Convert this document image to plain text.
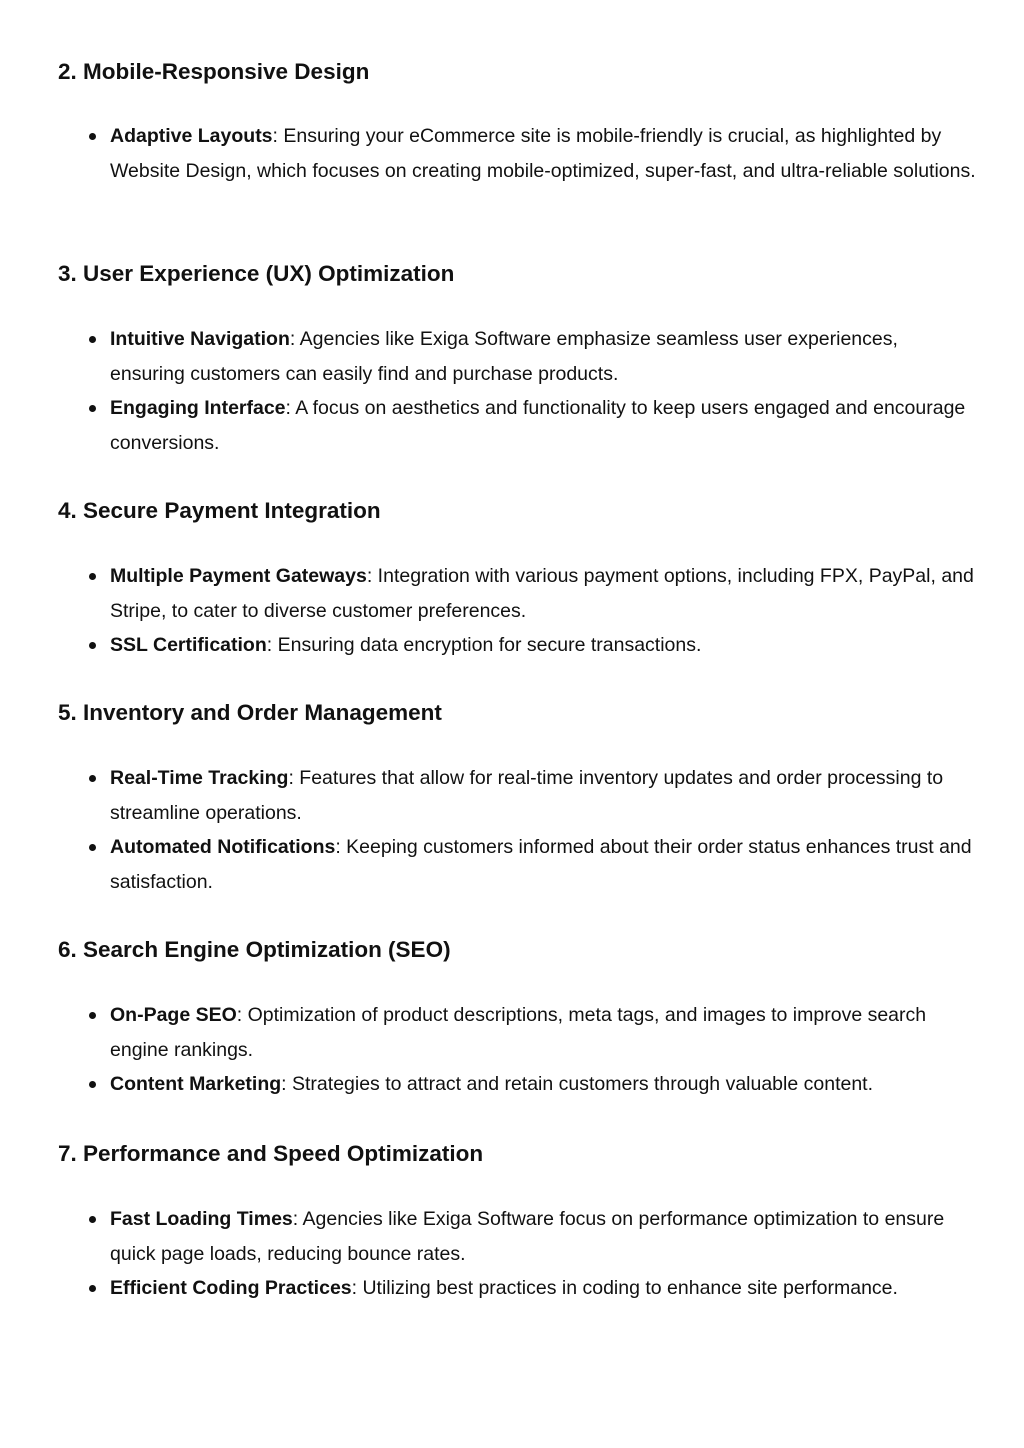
2. Mobile-Responsive Design
Adaptive Layouts: Ensuring your eCommerce site is mobile-friendly is crucial, as highlighted by Website Design, which focuses on creating mobile-optimized, super-fast, and ultra-reliable solutions.
3. User Experience (UX) Optimization
Intuitive Navigation: Agencies like Exiga Software emphasize seamless user experiences, ensuring customers can easily find and purchase products.
Engaging Interface: A focus on aesthetics and functionality to keep users engaged and encourage conversions.
4. Secure Payment Integration
Multiple Payment Gateways: Integration with various payment options, including FPX, PayPal, and Stripe, to cater to diverse customer preferences.
SSL Certification: Ensuring data encryption for secure transactions.
5. Inventory and Order Management
Real-Time Tracking: Features that allow for real-time inventory updates and order processing to streamline operations.
Automated Notifications: Keeping customers informed about their order status enhances trust and satisfaction.
6. Search Engine Optimization (SEO)
On-Page SEO: Optimization of product descriptions, meta tags, and images to improve search engine rankings.
Content Marketing: Strategies to attract and retain customers through valuable content.
7. Performance and Speed Optimization
Fast Loading Times: Agencies like Exiga Software focus on performance optimization to ensure quick page loads, reducing bounce rates.
Efficient Coding Practices: Utilizing best practices in coding to enhance site performance.
